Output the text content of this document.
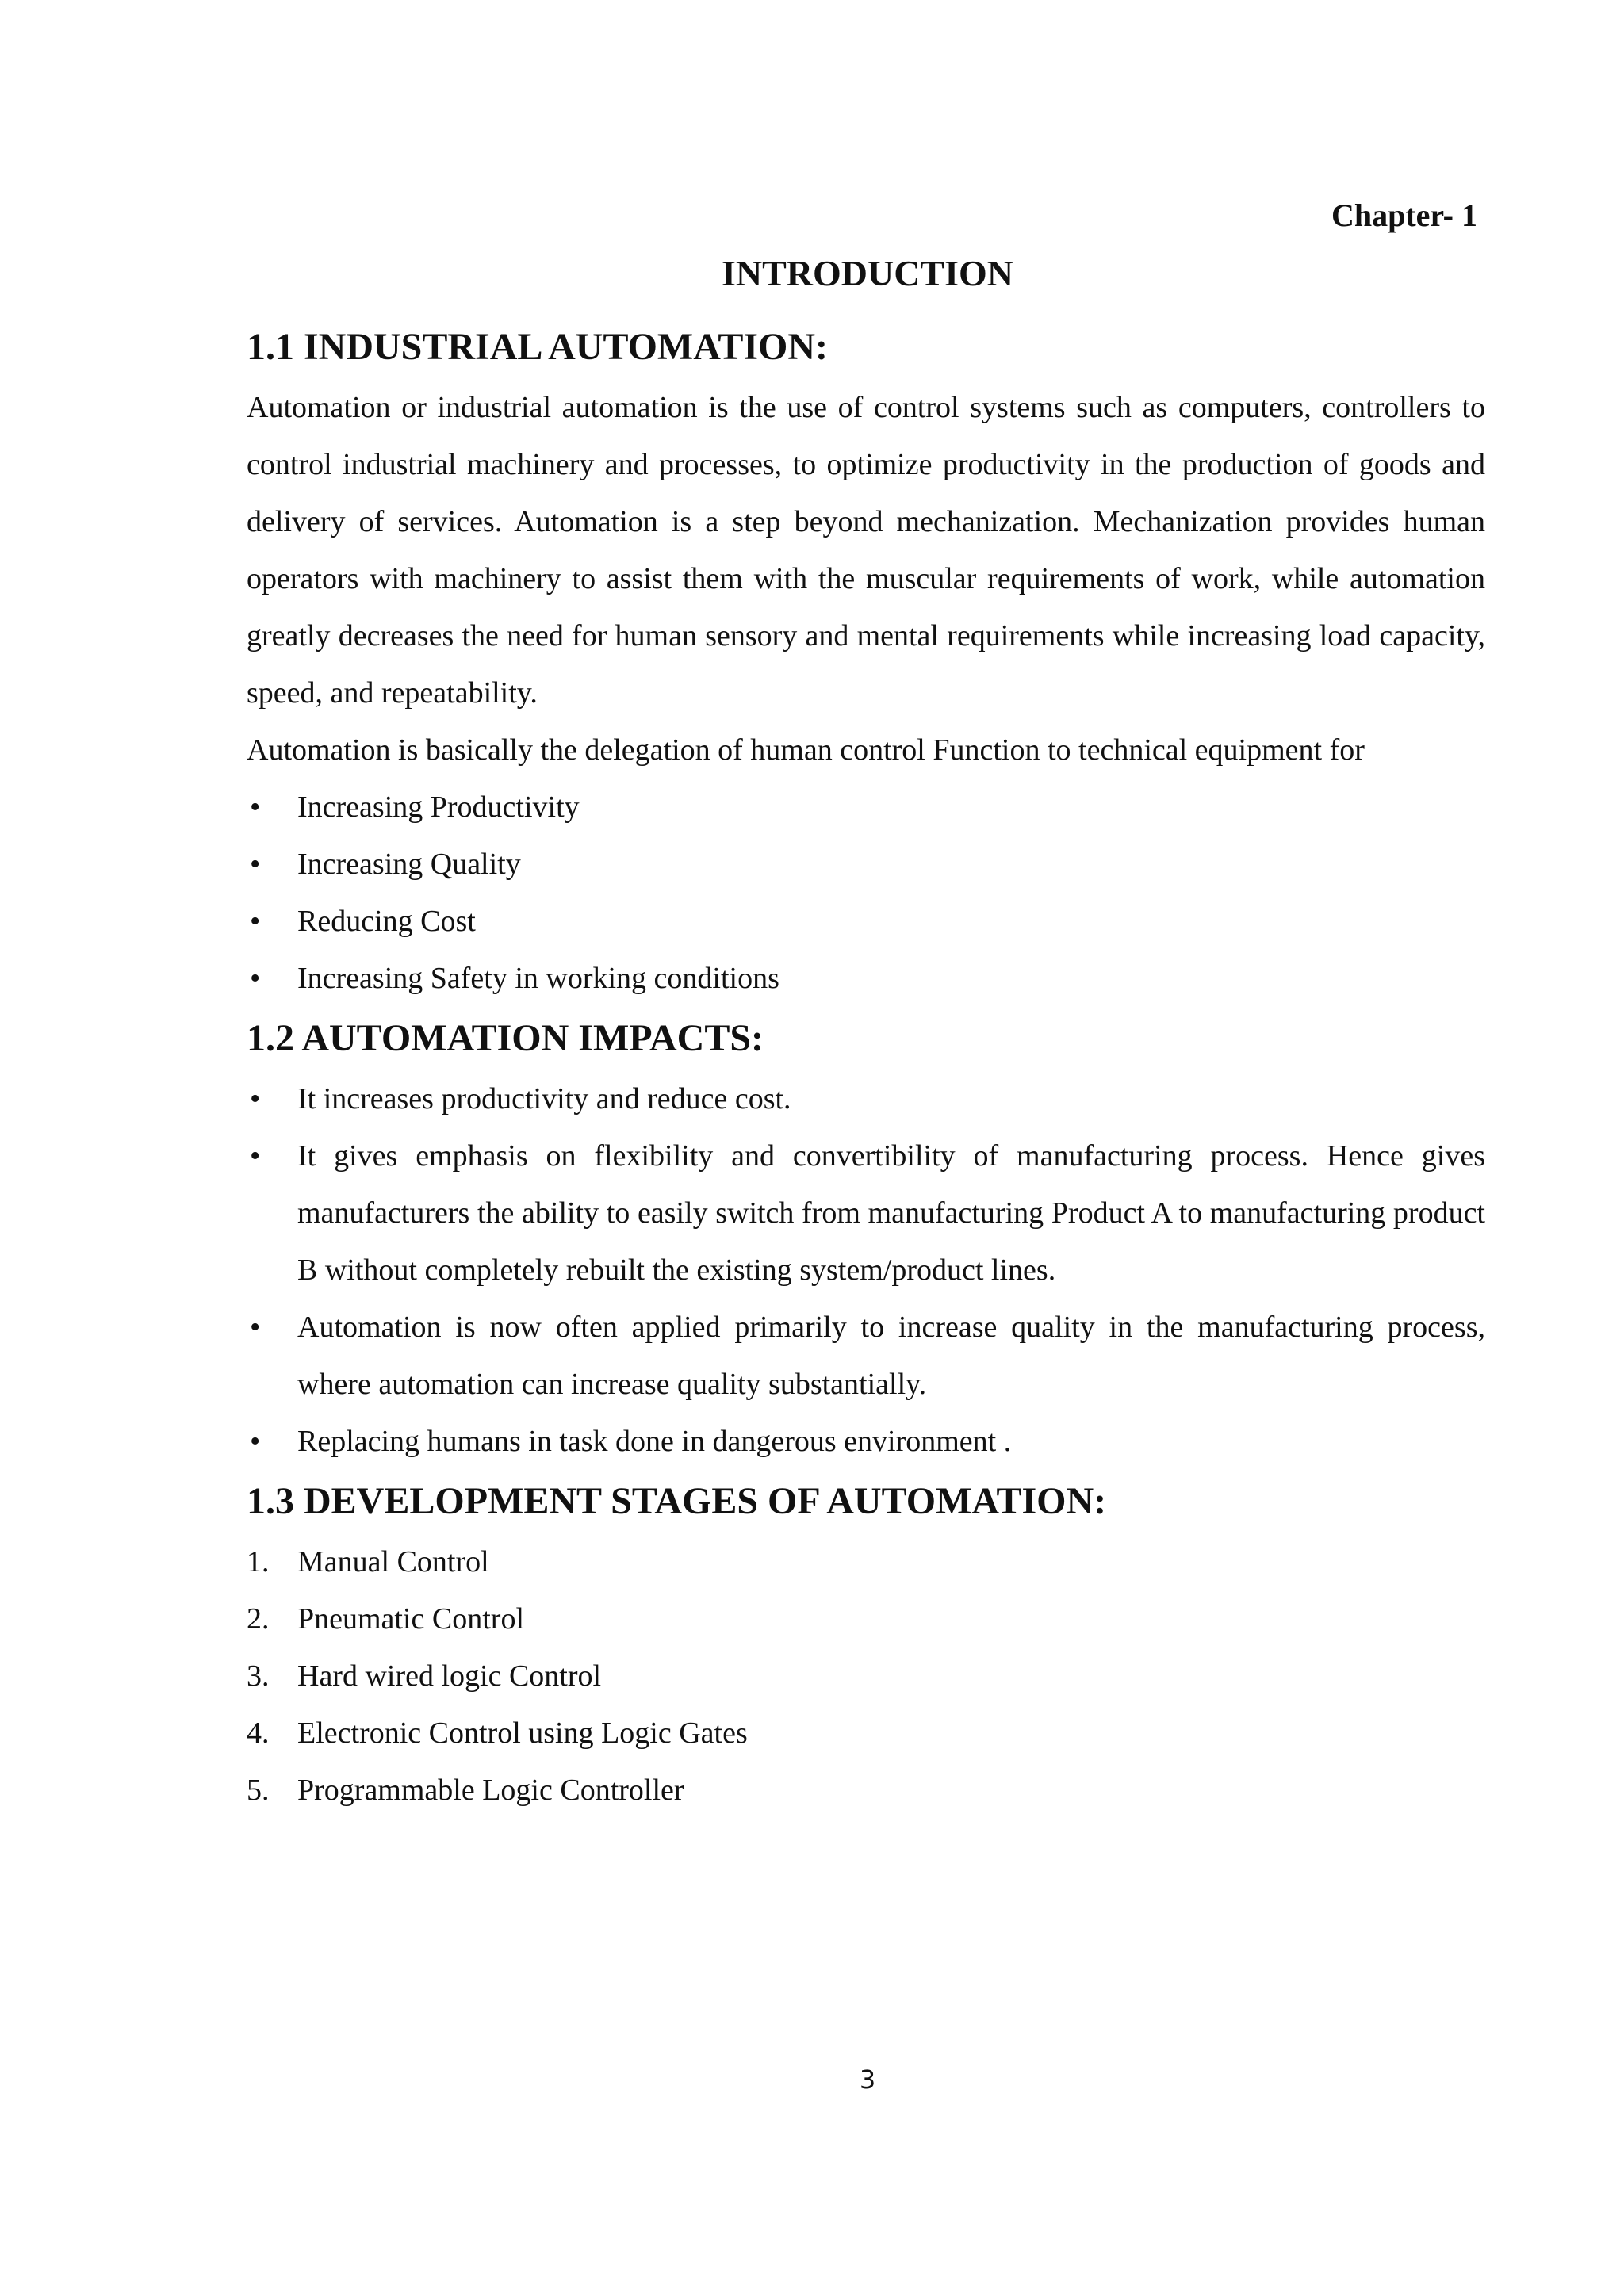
Chapter- 1

INTRODUCTION
1.1 INDUSTRIAL AUTOMATION:

Automation or industrial automation is the use of control systems such as computers, controllers to control industrial machinery and processes, to optimize productivity in the production of goods and delivery of services. Automation is a step beyond mechanization. Mechanization provides human operators with machinery to assist them with the muscular requirements of work, while automation greatly decreases the need for human sensory and mental requirements while increasing load capacity, speed, and repeatability.

Automation is basically the delegation of human control Function to technical equipment for

• Increasing Productivity
• Increasing Quality
• Reducing Cost
• Increasing Safety in working conditions
1.2 AUTOMATION IMPACTS:
• It increases productivity and reduce cost.
• It gives emphasis on flexibility and convertibility of manufacturing process. Hence gives manufacturers the ability to easily switch from manufacturing Product A to manufacturing product B without completely rebuilt the existing system/product lines.
• Automation is now often applied primarily to increase quality in the manufacturing process, where automation can increase quality substantially.
• Replacing humans in task done in dangerous environment .
1.3 DEVELOPMENT STAGES OF AUTOMATION:
1. Manual Control
2. Pneumatic Control
3. Hard wired logic Control
4. Electronic Control using Logic Gates
5. Programmable Logic Controller
3
